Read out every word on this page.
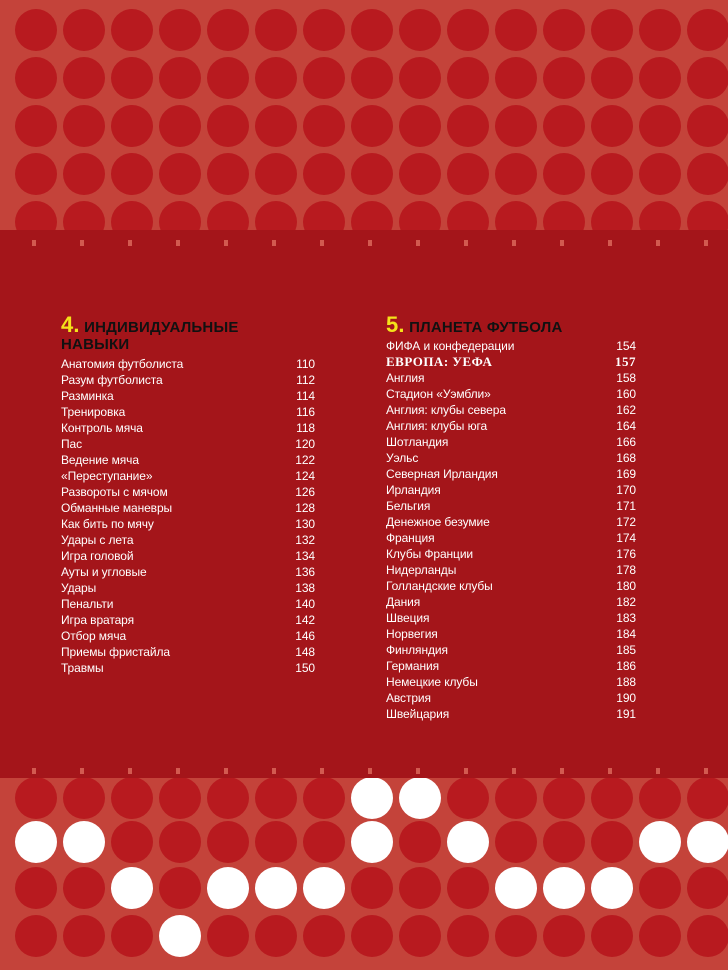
4. ИНДИВИДУАЛЬНЫЕ
НАВЫКИ
Анатомия футболиста	110
Разум футболиста	112
Разминка	114
Тренировка	116
Контроль мяча	118
Пас	120
Ведение мяча	122
«Переступание»	124
Развороты с мячом	126
Обманные маневры	128
Как бить по мячу	130
Удары с лета	132
Игра головой	134
Ауты и угловые	136
Удары	138
Пенальти	140
Игра вратаря	142
Отбор мяча	146
Приемы фристайла	148
Травмы	150
5. ПЛАНЕТА ФУТБОЛА
ФИФА и конфедерации	154
ЕВРОПА: УЕФА	157
Англия	158
Стадион «Уэмбли»	160
Англия: клубы севера	162
Англия: клубы юга	164
Шотландия	166
Уэльс	168
Северная Ирландия	169
Ирландия	170
Бельгия	171
Денежное безумие	172
Франция	174
Клубы Франции	176
Нидерланды	178
Голландские клубы	180
Дания	182
Швеция	183
Норвегия	184
Финляндия	185
Германия	186
Немецкие клубы	188
Австрия	190
Швейцария	191
